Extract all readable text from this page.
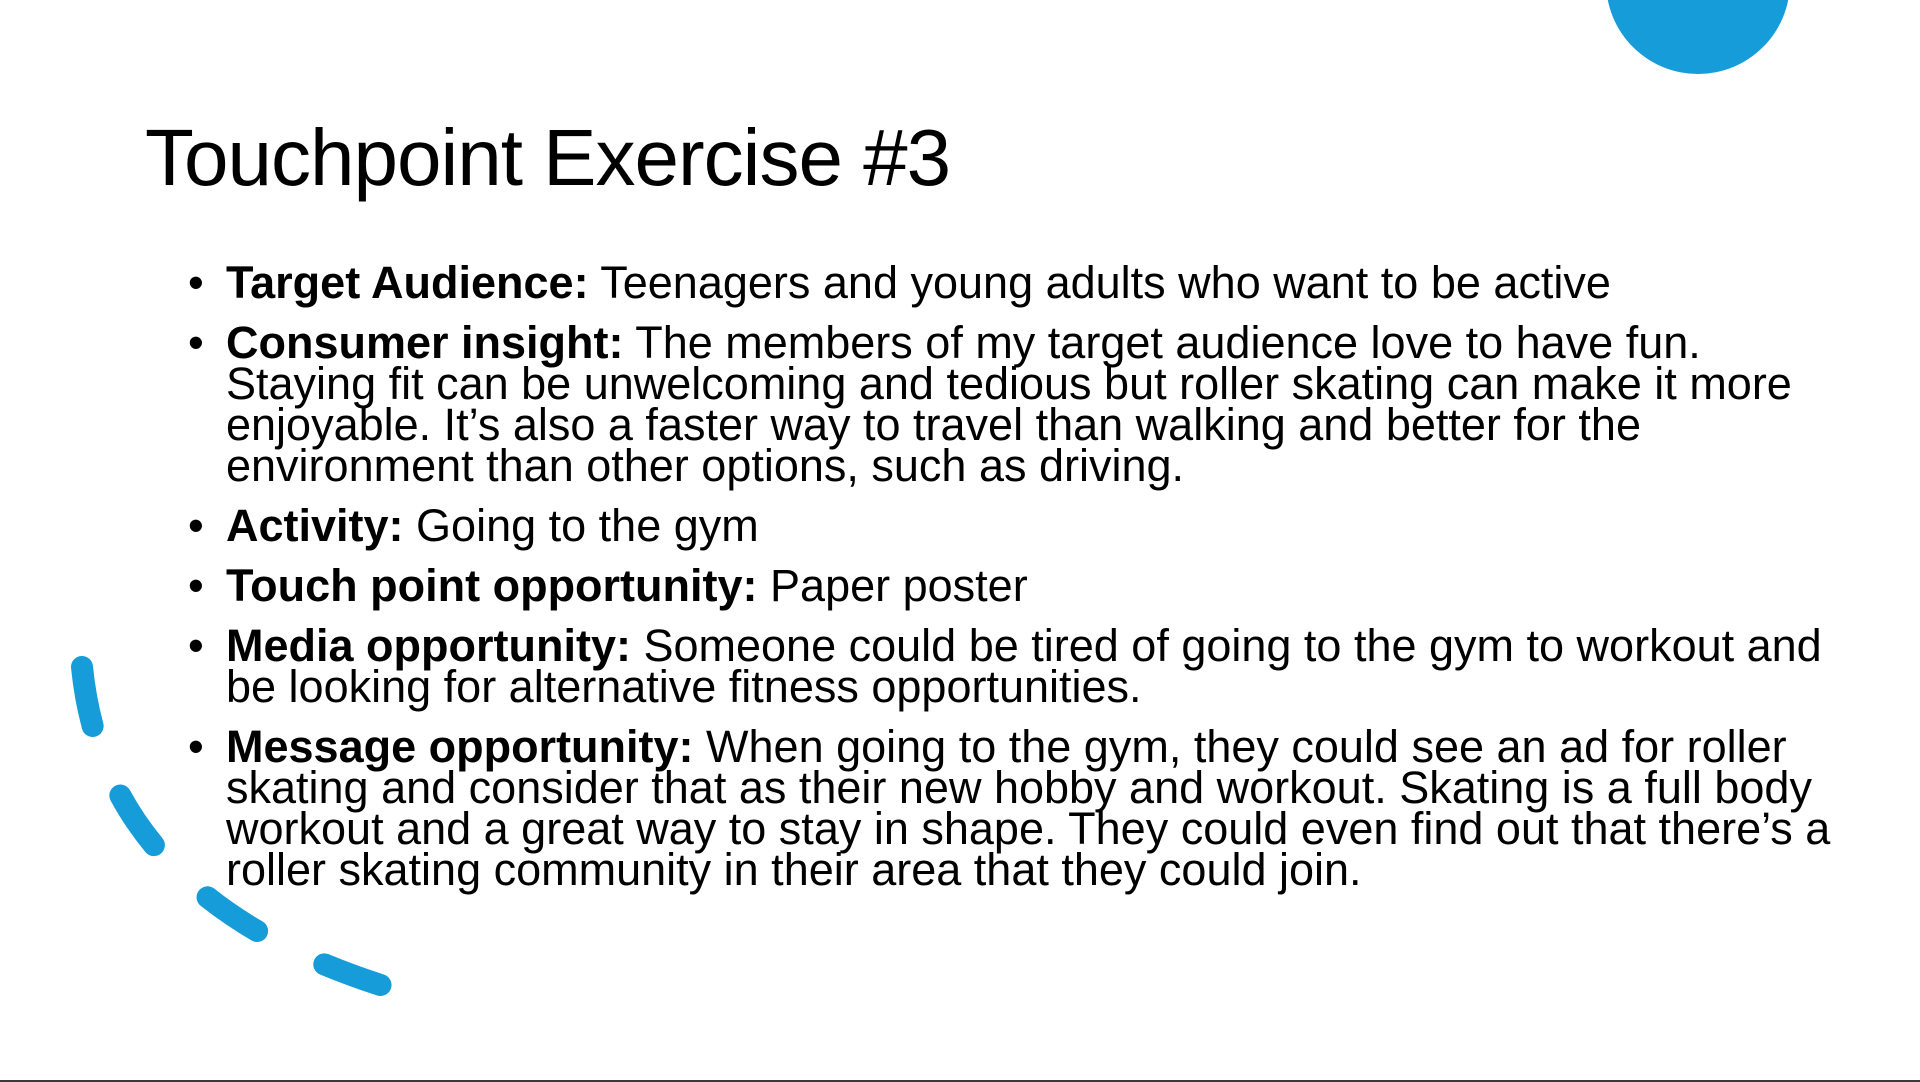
Touchpoint Exercise #3
• Target Audience: Teenagers and young adults who want to be active
• Consumer insight: The members of my target audience love to have fun. Staying fit can be unwelcoming and tedious but roller skating can make it more enjoyable. It’s also a faster way to travel than walking and better for the environment than other options, such as driving.
• Activity: Going to the gym
• Touch point opportunity: Paper poster
• Media opportunity: Someone could be tired of going to the gym to workout and be looking for alternative fitness opportunities.
• Message opportunity: When going to the gym, they could see an ad for roller skating and consider that as their new hobby and workout. Skating is a full body workout and a great way to stay in shape. They could even find out that there’s a roller skating community in their area that they could join.
